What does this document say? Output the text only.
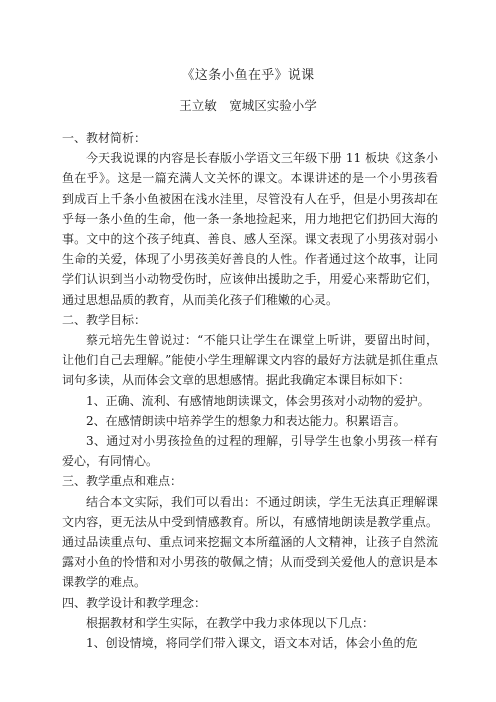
《这条小鱼在乎》说课
王立敏　宽城区实验小学

一、教材简析：

今天我说课的内容是长春版小学语文三年级下册 11 板块《这条小鱼在乎》。这是一篇充满人文关怀的课文。本课讲述的是一个小男孩看到成百上千条小鱼被困在浅水洼里，尽管没有人在乎，但是小男孩却在乎每一条小鱼的生命，他一条一条地捡起来，用力地把它们扔回大海的事。文中的这个孩子纯真、善良、感人至深。课文表现了小男孩对弱小生命的关爱，体现了小男孩美好善良的人性。作者通过这个故事，让同学们认识到当小动物受伤时，应该伸出援助之手，用爱心来帮助它们，通过思想品质的教育，从而美化孩子们稚嫩的心灵。

二、教学目标：

蔡元培先生曾说过：“不能只让学生在课堂上听讲，要留出时间，让他们自己去理解。”能使小学生理解课文内容的最好方法就是抓住重点词句多读，从而体会文章的思想感情。据此我确定本课目标如下：

1、正确、流利、有感情地朗读课文，体会男孩对小动物的爱护。

2、在感情朗读中培养学生的想象力和表达能力。积累语言。

3、通过对小男孩捡鱼的过程的理解，引导学生也象小男孩一样有爱心，有同情心。

三、教学重点和难点：

结合本文实际，我们可以看出：不通过朗读，学生无法真正理解课文内容，更无法从中受到情感教育。所以，有感情地朗读是教学重点。通过品读重点句、重点词来挖掘文本所蕴涵的人文精神，让孩子自然流露对小鱼的怜惜和对小男孩的敬佩之情；从而受到关爱他人的意识是本课教学的难点。

四、教学设计和教学理念：

根据教材和学生实际，在教学中我力求体现以下几点：

1、创设情境，将同学们带入课文，语文本对话，体会小鱼的危
